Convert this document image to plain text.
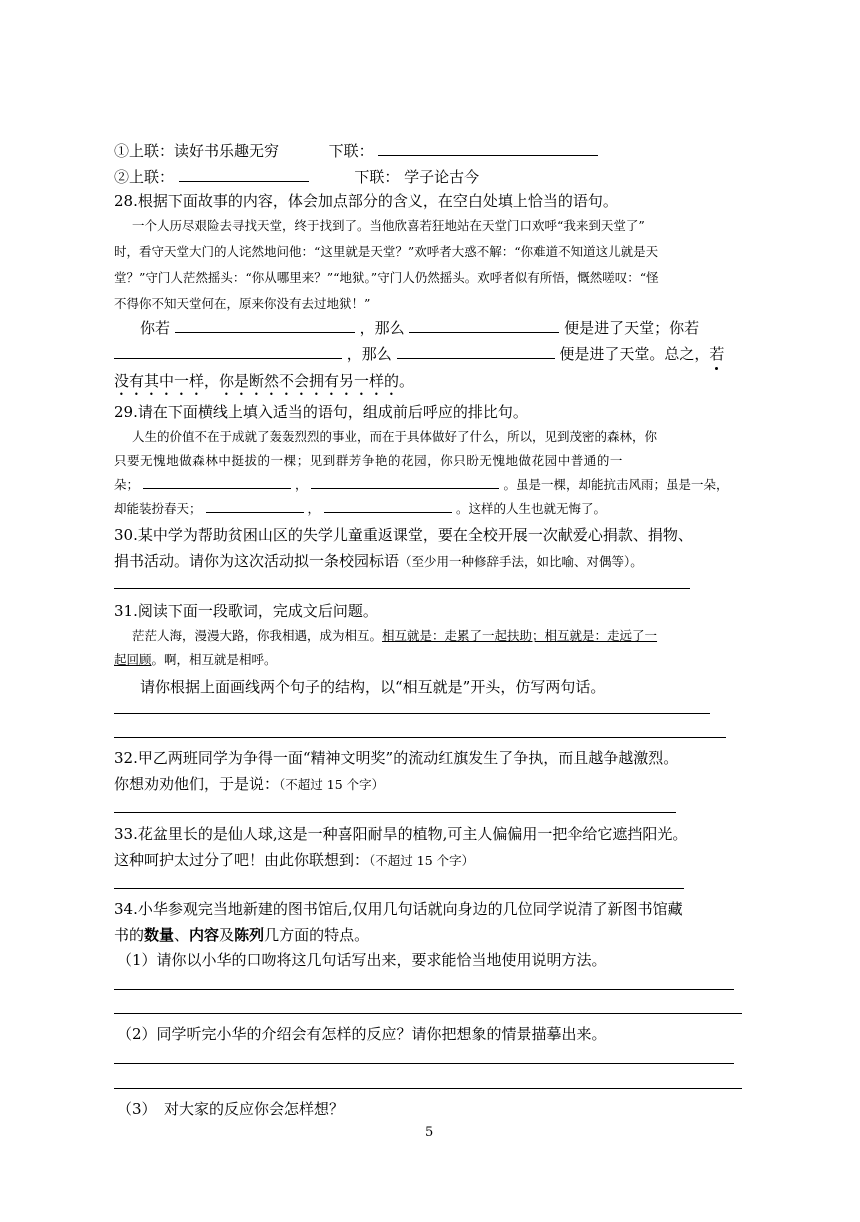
①上联：读好书乐趣无穷	下联：
②上联：	下联： 学子论古今
28.根据下面故事的内容，体会加点部分的含义，在空白处填上恰当的语句。
一个人历尽艰险去寻找天堂，终于找到了。当他欣喜若狂地站在天堂门口欢呼“我来到天堂了”
时，看守天堂大门的人诧然地问他：“这里就是天堂？”欢呼者大惑不解：“你难道不知道这儿就是天
堂？”守门人茫然摇头：“你从哪里来？”“地狱。”守门人仍然摇头。欢呼者似有所悟，慨然嗟叹：“怪
不得你不知天堂何在，原来你没有去过地狱！”
你若	，那么	便是进了天堂；你若
，那么	便是进了天堂。总之，若
没有其中一样，你是断然不会拥有另一样的。
29.请在下面横线上填入适当的语句，组成前后呼应的排比句。
人生的价值不在于成就了轰轰烈烈的事业，而在于具体做好了什么，所以，见到茂密的森林，你
只要无愧地做森林中挺拔的一棵；见到群芳争艳的花园，你只盼无愧地做花园中普通的一
朵；	，	。虽是一棵，却能抗击风雨；虽是一朵，
却能装扮春天；	，	。这样的人生也就无悔了。
30.某中学为帮助贫困山区的失学儿童重返课堂，要在全校开展一次献爱心捐款、捐物、
捐书活动。请你为这次活动拟一条校园标语（至少用一种修辞手法，如比喻、对偶等）。
31.阅读下面一段歌词，完成文后问题。
茫茫人海，漫漫大路，你我相遇，成为相互。相互就是：走累了一起扶助；相互就是：走远了一
起回顾。啊，相互就是相呼。
请你根据上面画线两个句子的结构，以“相互就是”开头，仿写两句话。
32.甲乙两班同学为争得一面“精神文明奖”的流动红旗发生了争执，而且越争越激烈。
你想劝劝他们，于是说：（不超过 15 个字）
33.花盆里长的是仙人球,这是一种喜阳耐旱的植物,可主人偏偏用一把伞给它遮挡阳光。
这种呵护太过分了吧！由此你联想到：（不超过 15 个字）
34.小华参观完当地新建的图书馆后,仅用几句话就向身边的几位同学说清了新图书馆藏
书的数量、内容及陈列几方面的特点。
（1）请你以小华的口吻将这几句话写出来，要求能恰当地使用说明方法。
（2）同学听完小华的介绍会有怎样的反应？请你把想象的情景描摹出来。
（3）　对大家的反应你会怎样想？
5
